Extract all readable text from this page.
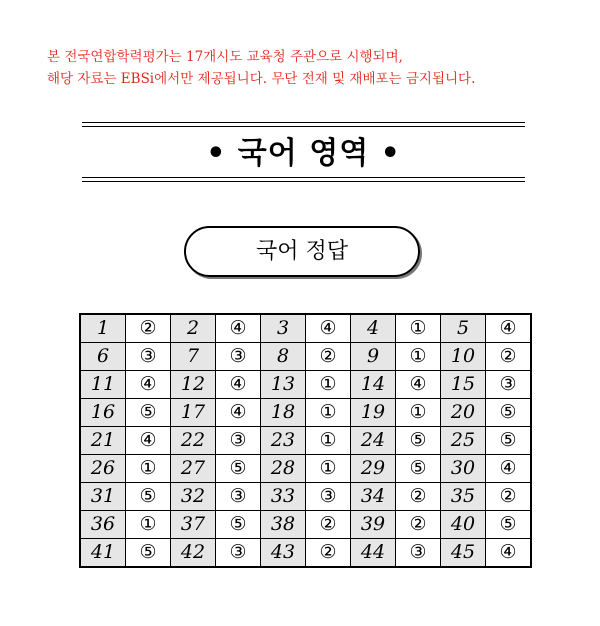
본 전국연합학력평가는 17개시도 교육청 주관으로 시행되며,
해당 자료는 EBSi에서만 제공됩니다. 무단 전재 및 재배포는 금지됩니다.
• 국어 영역 •
국어 정답
1	②	2	④	3	④	4	①	5	④
6	③	7	③	8	②	9	①	10	②
11	④	12	④	13	①	14	④	15	③
16	⑤	17	④	18	①	19	①	20	⑤
21	④	22	③	23	①	24	⑤	25	⑤
26	①	27	⑤	28	①	29	⑤	30	④
31	⑤	32	③	33	③	34	②	35	②
36	①	37	⑤	38	②	39	②	40	⑤
41	⑤	42	③	43	②	44	③	45	④
